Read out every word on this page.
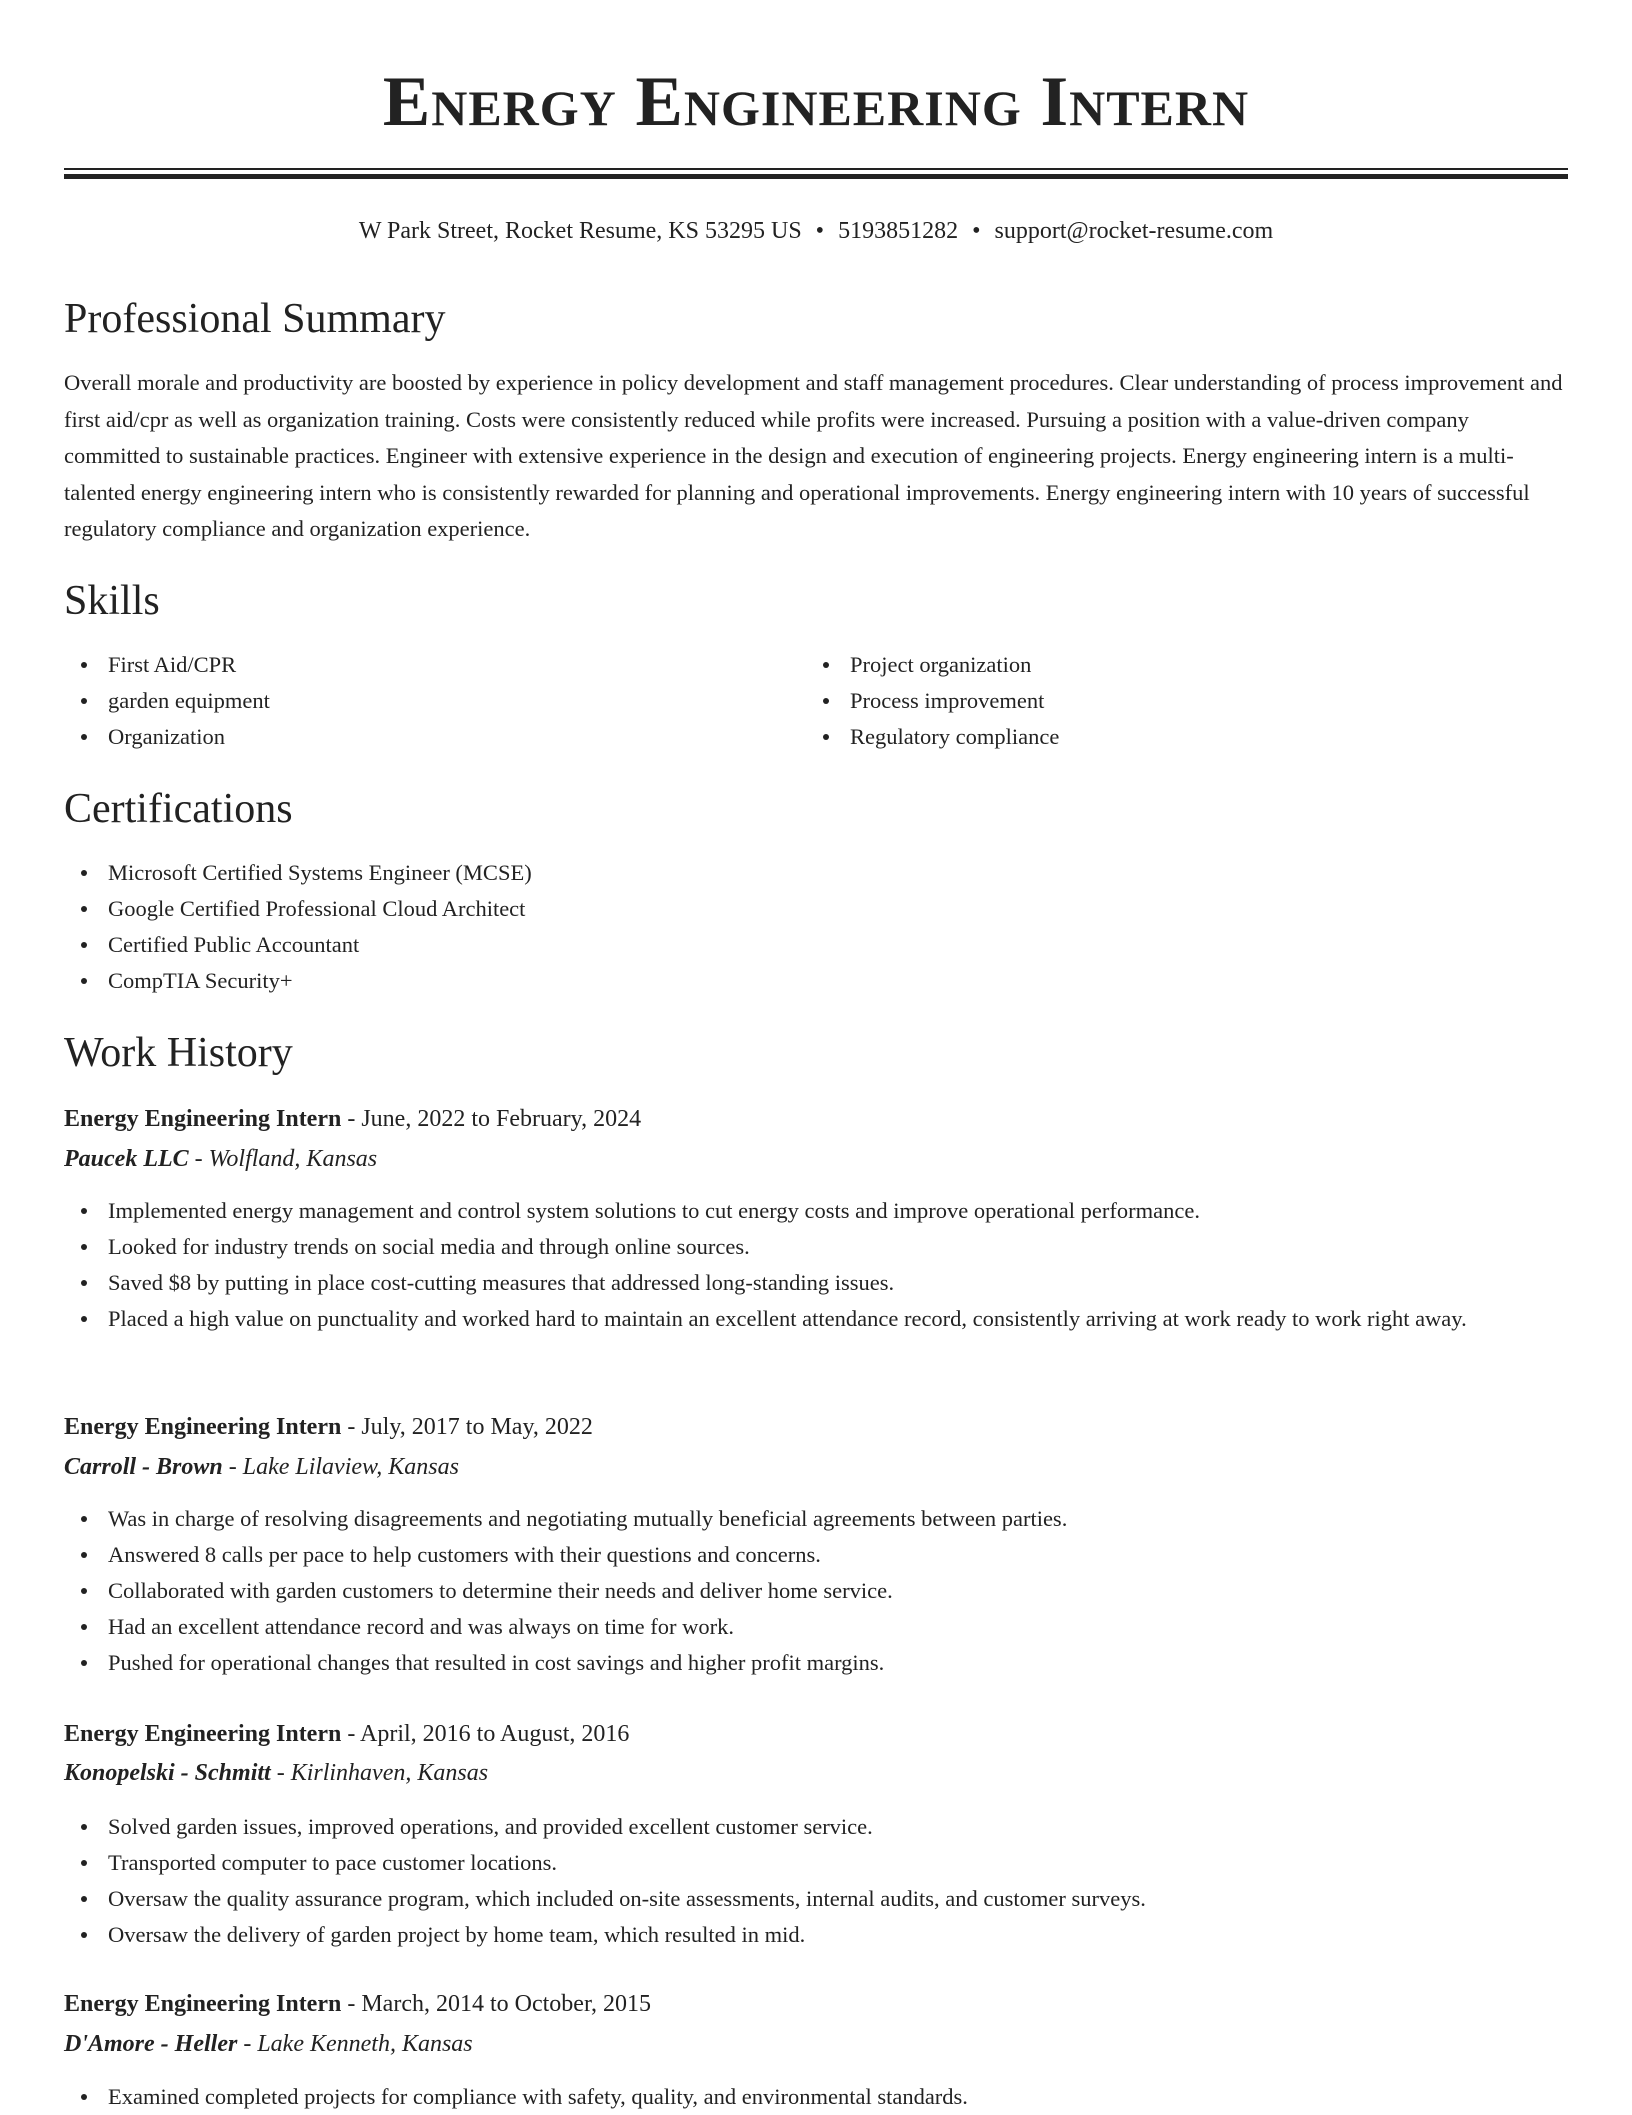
Energy Engineering Intern
W Park Street, Rocket Resume, KS 53295 US • 5193851282 • support@rocket-resume.com
Professional Summary

Overall morale and productivity are boosted by experience in policy development and staff management procedures. Clear understanding of process improvement and first aid/cpr as well as organization training. Costs were consistently reduced while profits were increased. Pursuing a position with a value-driven company committed to sustainable practices. Engineer with extensive experience in the design and execution of engineering projects. Energy engineering intern is a multi-talented energy engineering intern who is consistently rewarded for planning and operational improvements. Energy engineering intern with 10 years of successful regulatory compliance and organization experience.

Skills
First Aid/CPR
garden equipment
Organization
Project organization
Process improvement
Regulatory compliance
Certifications
Microsoft Certified Systems Engineer (MCSE)
Google Certified Professional Cloud Architect
Certified Public Accountant
CompTIA Security+
Work History
Energy Engineering Intern - June, 2022 to February, 2024
Paucek LLC - Wolfland, Kansas
Implemented energy management and control system solutions to cut energy costs and improve operational performance.
Looked for industry trends on social media and through online sources.
Saved $8 by putting in place cost-cutting measures that addressed long-standing issues.
Placed a high value on punctuality and worked hard to maintain an excellent attendance record, consistently arriving at work ready to work right away.
Energy Engineering Intern - July, 2017 to May, 2022
Carroll - Brown - Lake Lilaview, Kansas
Was in charge of resolving disagreements and negotiating mutually beneficial agreements between parties.
Answered 8 calls per pace to help customers with their questions and concerns.
Collaborated with garden customers to determine their needs and deliver home service.
Had an excellent attendance record and was always on time for work.
Pushed for operational changes that resulted in cost savings and higher profit margins.
Energy Engineering Intern - April, 2016 to August, 2016
Konopelski - Schmitt - Kirlinhaven, Kansas
Solved garden issues, improved operations, and provided excellent customer service.
Transported computer to pace customer locations.
Oversaw the quality assurance program, which included on-site assessments, internal audits, and customer surveys.
Oversaw the delivery of garden project by home team, which resulted in mid.
Energy Engineering Intern - March, 2014 to October, 2015
D'Amore - Heller - Lake Kenneth, Kansas
Examined completed projects for compliance with safety, quality, and environmental standards.
